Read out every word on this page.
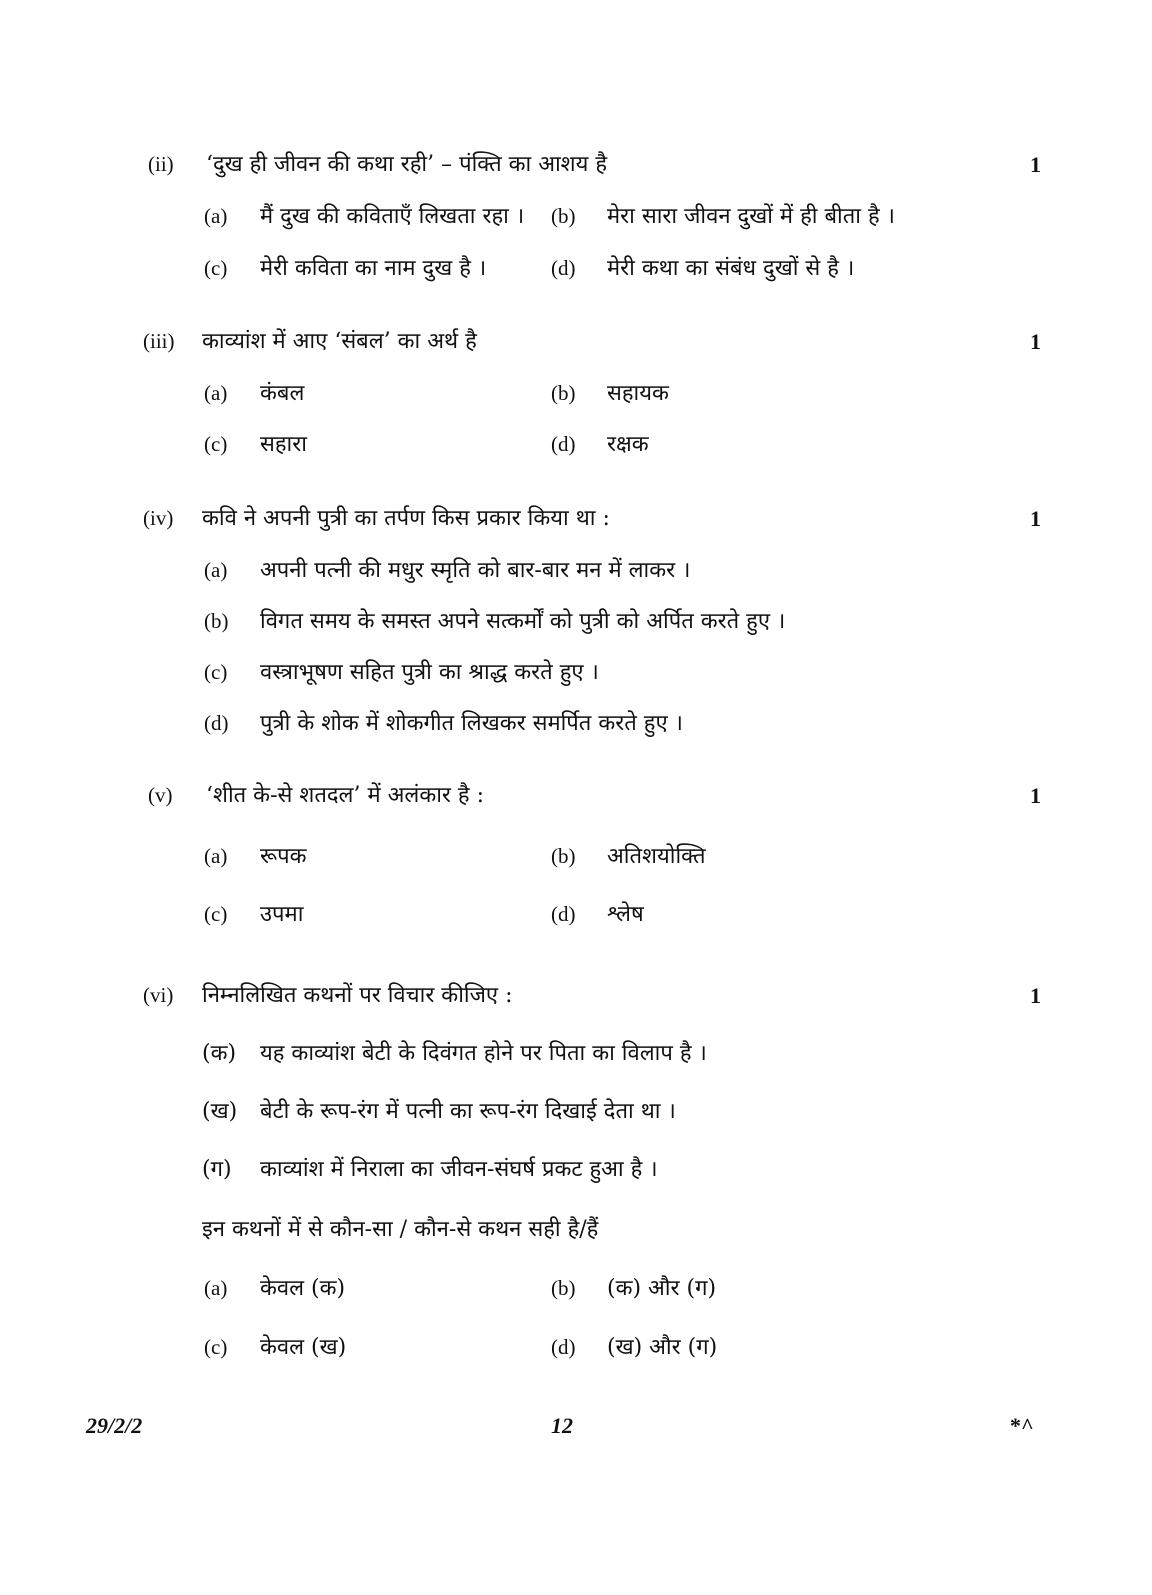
(ii) ‘दुख ही जीवन की कथा रही’ – पंक्ति का आशय है	1
(a) मैं दुख की कविताएँ लिखता रहा । (b) मेरा सारा जीवन दुखों में ही बीता है ।
(c) मेरी कविता का नाम दुख है ।	(d) मेरी कथा का संबंध दुखों से है ।
(iii) काव्यांश में आए ‘संबल’ का अर्थ है	1
(a) कंबल	(b) सहायक
(c) सहारा	(d) रक्षक
(iv) कवि ने अपनी पुत्री का तर्पण किस प्रकार किया था :	1
(a) अपनी पत्नी की मधुर स्मृति को बार-बार मन में लाकर ।
(b) विगत समय के समस्त अपने सत्कर्मों को पुत्री को अर्पित करते हुए ।
(c) वस्त्राभूषण सहित पुत्री का श्राद्ध करते हुए ।
(d) पुत्री के शोक में शोकगीत लिखकर समर्पित करते हुए ।
(v) ‘शीत के-से शतदल’ में अलंकार है :	1
(a) रूपक	(b) अतिशयोक्ति
(c) उपमा	(d) श्लेष
(vi) निम्नलिखित कथनों पर विचार कीजिए :	1
(क) यह काव्यांश बेटी के दिवंगत होने पर पिता का विलाप है ।
(ख) बेटी के रूप-रंग में पत्नी का रूप-रंग दिखाई देता था ।
(ग) काव्यांश में निराला का जीवन-संघर्ष प्रकट हुआ है ।
इन कथनों में से कौन-सा / कौन-से कथन सही है/हैं
(a) केवल (क)	(b) (क) और (ग)
(c) केवल (ख)	(d) (ख) और (ग)
29/2/2	12	*^
